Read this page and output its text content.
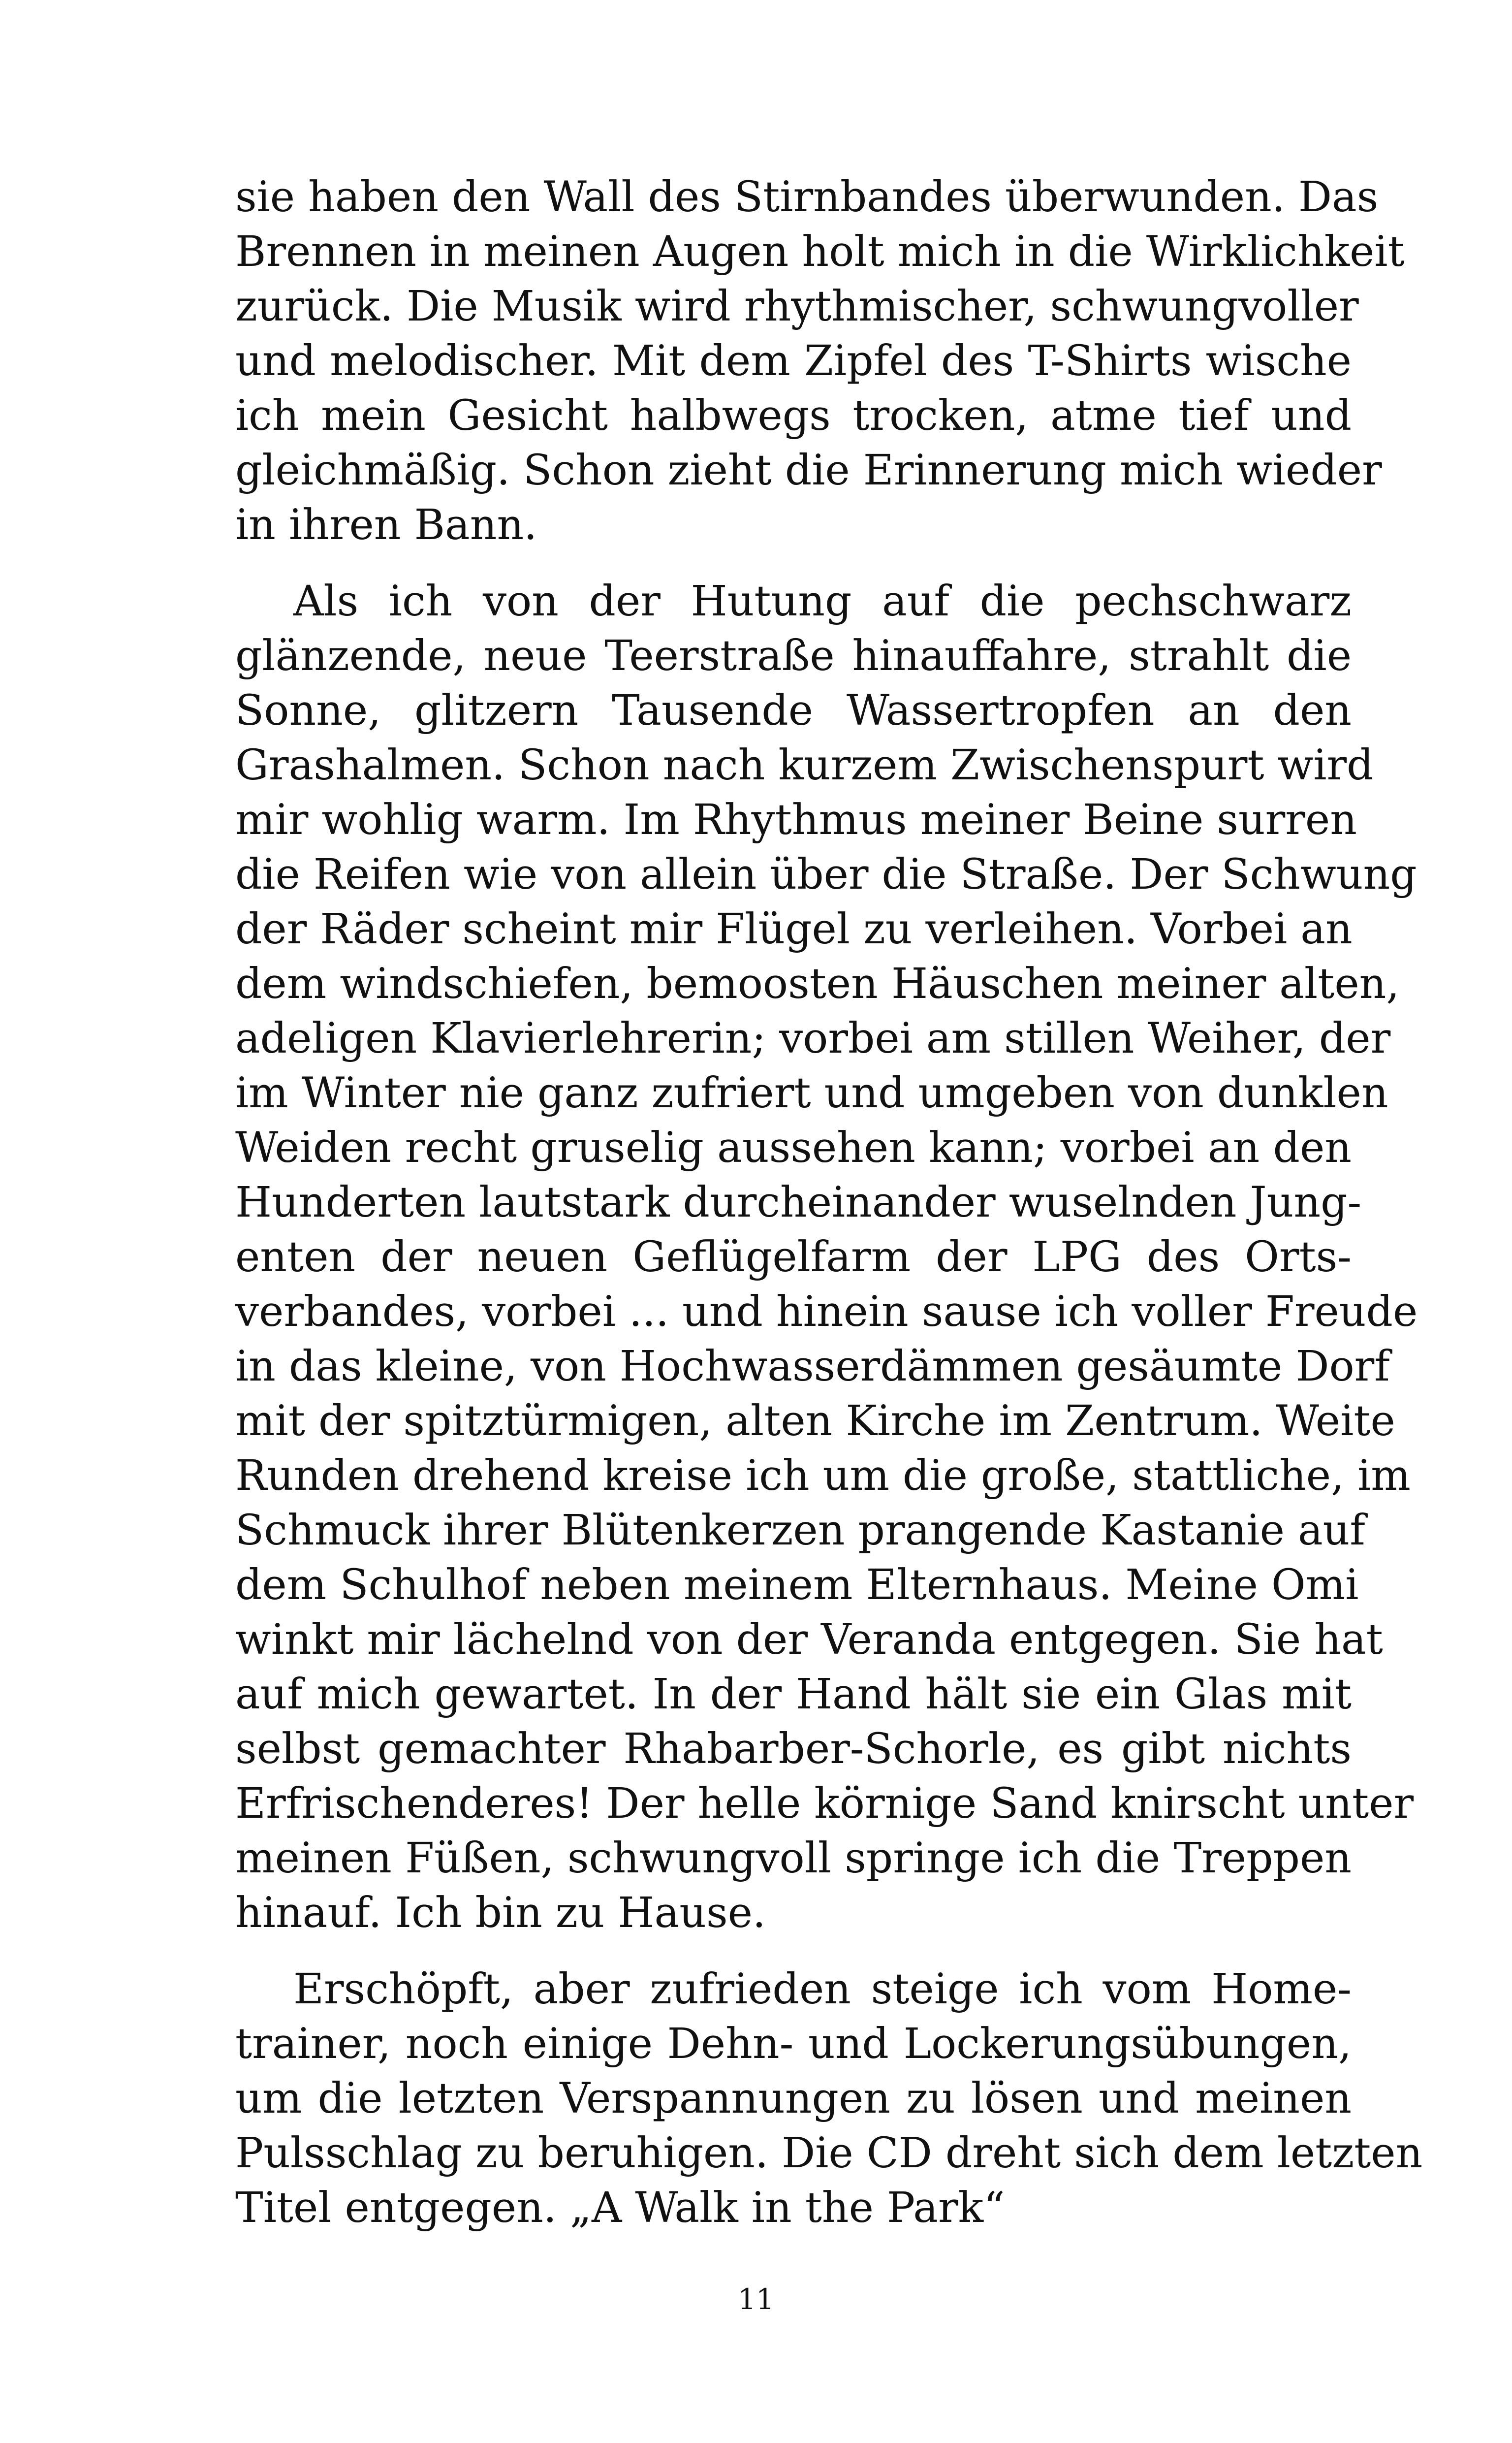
sie haben den Wall des Stirnbandes überwunden. Das
Brennen in meinen Augen holt mich in die Wirklichkeit
zurück. Die Musik wird rhythmischer, schwungvoller
und melodischer. Mit dem Zipfel des T-Shirts wische
ich mein Gesicht halbwegs trocken, atme tief und
gleichmäßig. Schon zieht die Erinnerung mich wieder
in ihren Bann.

Als ich von der Hutung auf die pechschwarz
glänzende, neue Teerstraße hinauffahre, strahlt die
Sonne, glitzern Tausende Wassertropfen an den
Grashalmen. Schon nach kurzem Zwischenspurt wird
mir wohlig warm. Im Rhythmus meiner Beine surren
die Reifen wie von allein über die Straße. Der Schwung
der Räder scheint mir Flügel zu verleihen. Vorbei an
dem windschiefen, bemoosten Häuschen meiner alten,
adeligen Klavierlehrerin; vorbei am stillen Weiher, der
im Winter nie ganz zufriert und umgeben von dunklen
Weiden recht gruselig aussehen kann; vorbei an den
Hunderten lautstark durcheinander wuselnden Jung-
enten der neuen Geflügelfarm der LPG des Orts-
verbandes, vorbei ... und hinein sause ich voller Freude
in das kleine, von Hochwasserdämmen gesäumte Dorf
mit der spitztürmigen, alten Kirche im Zentrum. Weite
Runden drehend kreise ich um die große, stattliche, im
Schmuck ihrer Blütenkerzen prangende Kastanie auf
dem Schulhof neben meinem Elternhaus. Meine Omi
winkt mir lächelnd von der Veranda entgegen. Sie hat
auf mich gewartet. In der Hand hält sie ein Glas mit
selbst gemachter Rhabarber-Schorle, es gibt nichts
Erfrischenderes! Der helle körnige Sand knirscht unter
meinen Füßen, schwungvoll springe ich die Treppen
hinauf. Ich bin zu Hause.

Erschöpft, aber zufrieden steige ich vom Home-
trainer, noch einige Dehn- und Lockerungsübungen,
um die letzten Verspannungen zu lösen und meinen
Pulsschlag zu beruhigen. Die CD dreht sich dem letzten
Titel entgegen. „A Walk in the Park“

11
